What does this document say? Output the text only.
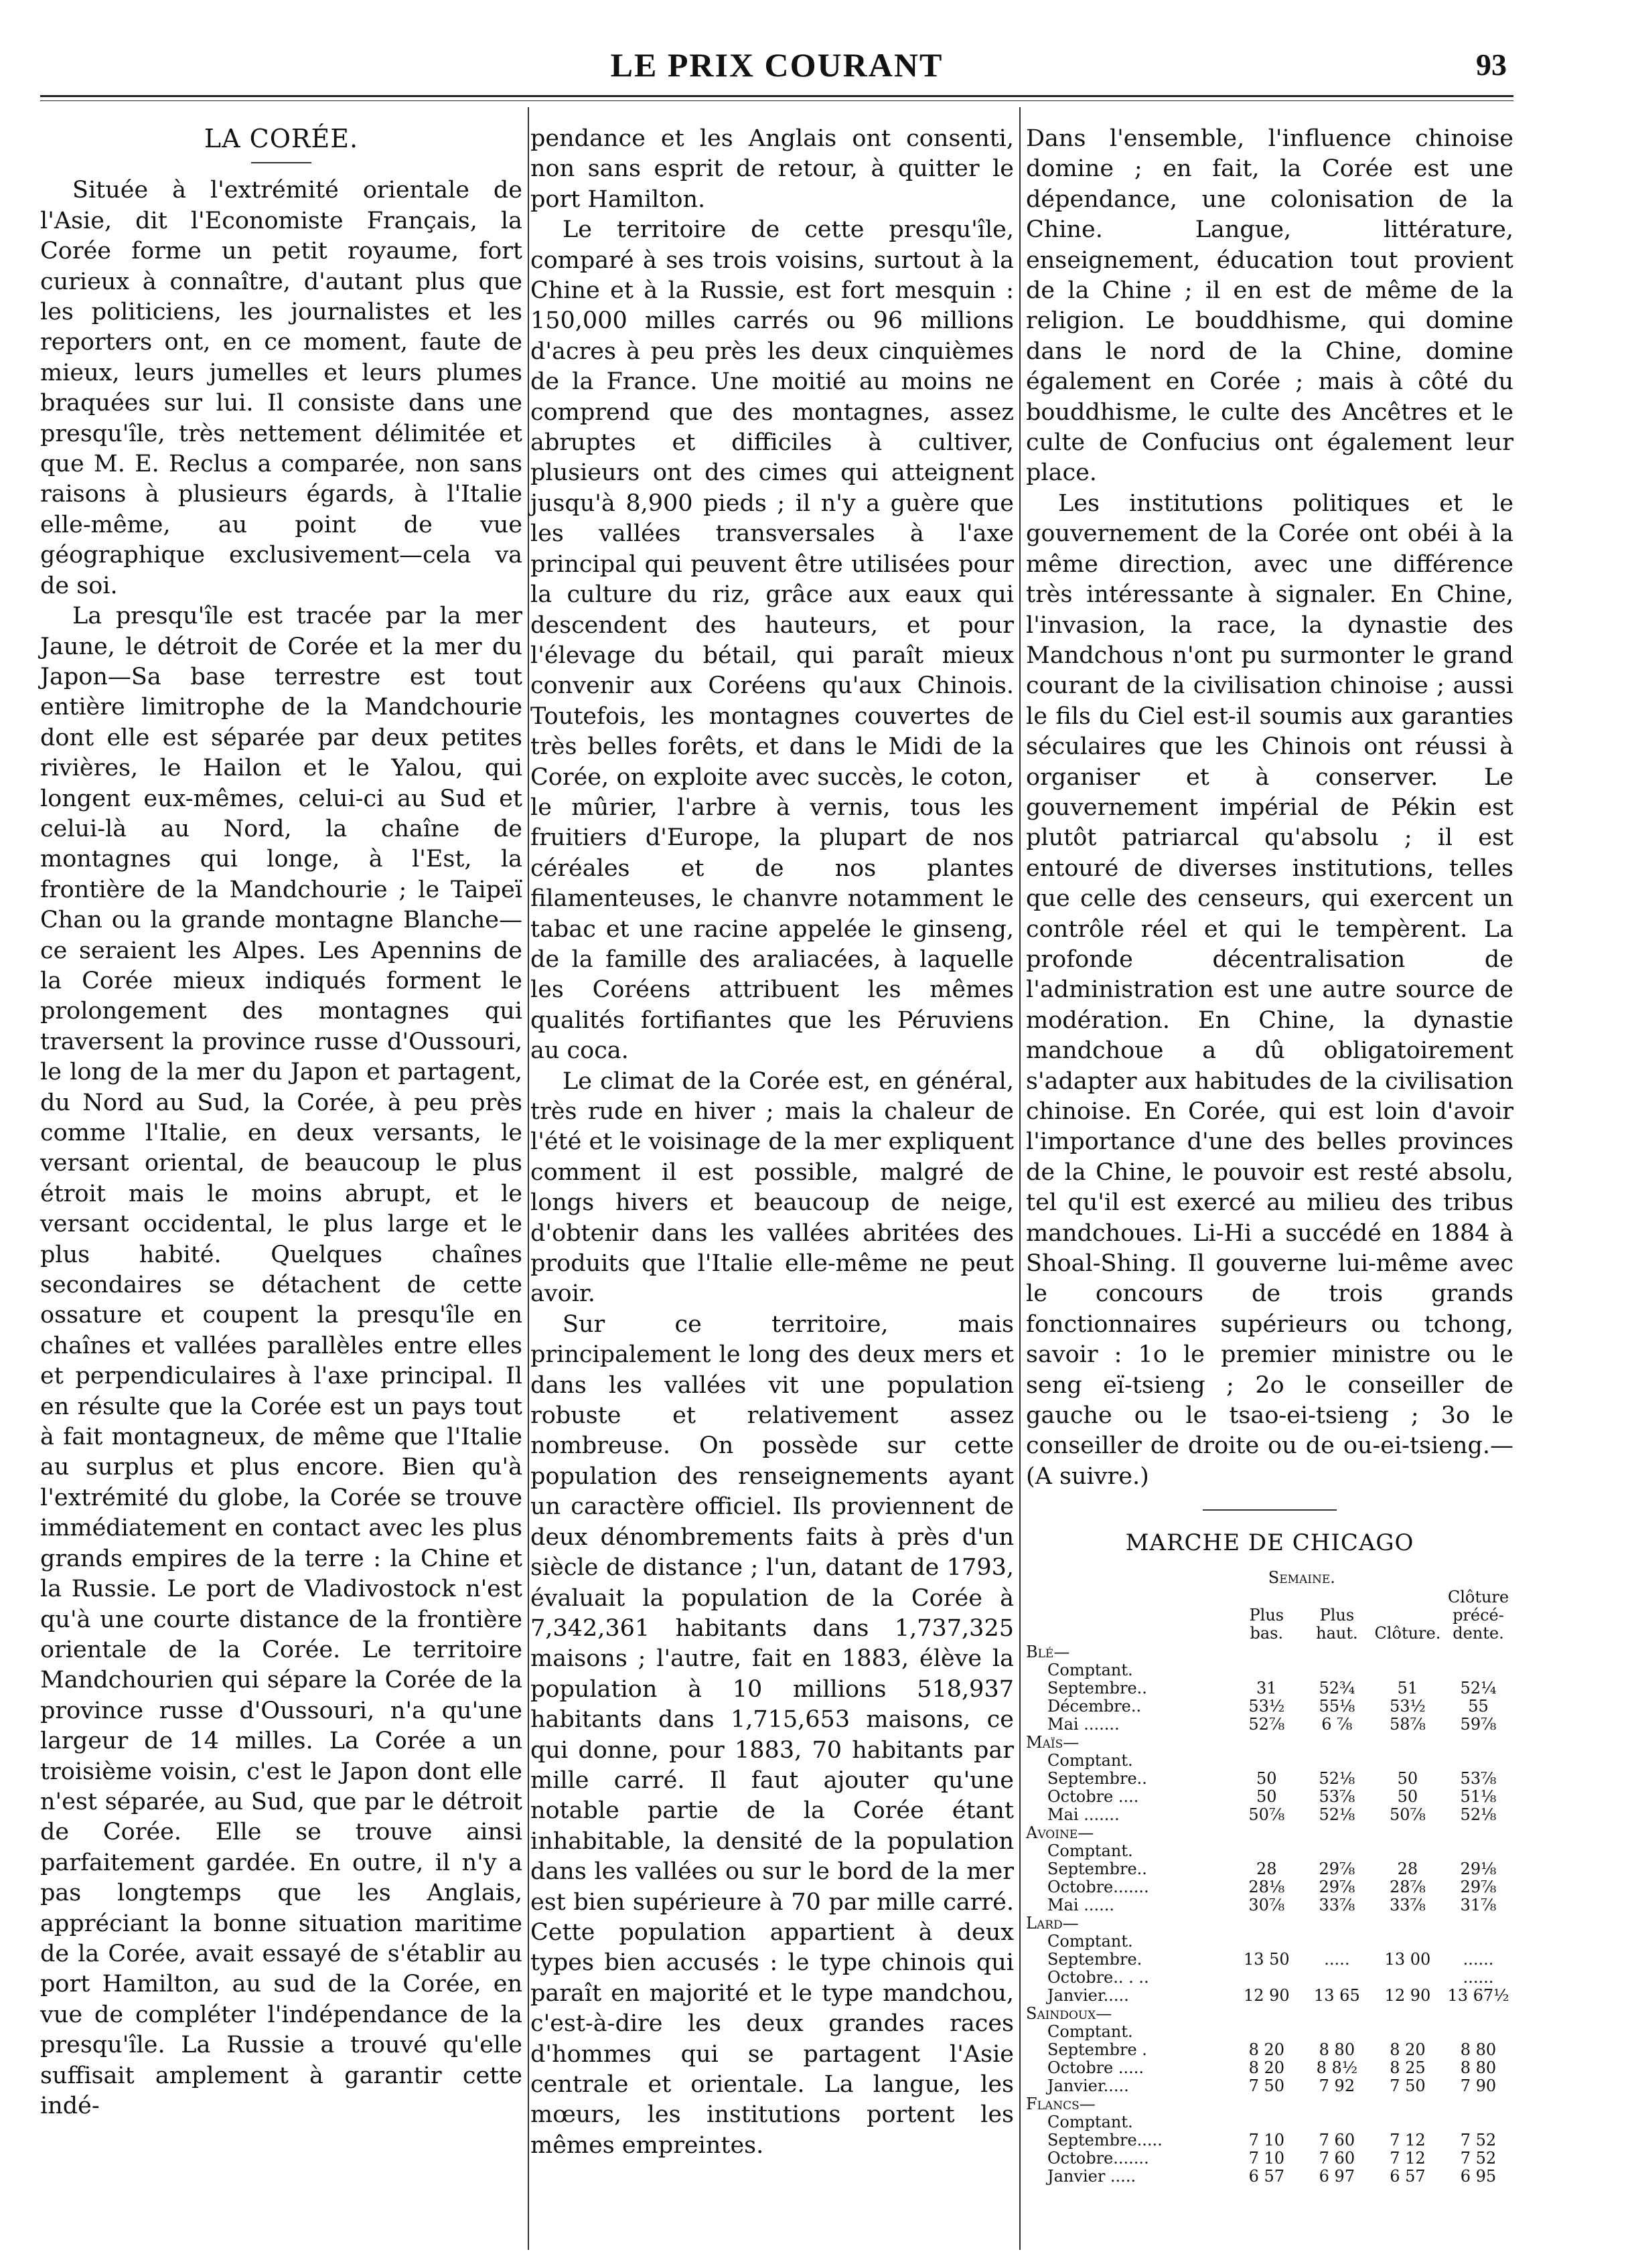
LE PRIX COURANT	93
LA CORÉE.

Située à l'extrémité orientale de l'Asie, dit l'Economiste Français, la Corée forme un petit royaume, fort curieux à connaître, d'autant plus que les politiciens, les journalistes et les reporters ont, en ce moment, faute de mieux, leurs jumelles et leurs plumes braquées sur lui. Il consiste dans une presqu'île, très nettement délimitée et que M. E. Reclus a comparée, non sans raisons à plusieurs égards, à l'Italie elle-même, au point de vue géographique exclusivement—cela va de soi.

La presqu'île est tracée par la mer Jaune, le détroit de Corée et la mer du Japon—Sa base terrestre est tout entière limitrophe de la Mandchourie dont elle est séparée par deux petites rivières, le Hailon et le Yalou, qui longent eux-mêmes, celui-ci au Sud et celui-là au Nord, la chaîne de montagnes qui longe, à l'Est, la frontière de la Mandchourie ; le Taipeï Chan ou la grande montagne Blanche—ce seraient les Alpes. Les Apennins de la Corée mieux indiqués forment le prolongement des montagnes qui traversent la province russe d'Oussouri, le long de la mer du Japon et partagent, du Nord au Sud, la Corée, à peu près comme l'Italie, en deux versants, le versant oriental, de beaucoup le plus étroit mais le moins abrupt, et le versant occidental, le plus large et le plus habité. Quelques chaînes secondaires se détachent de cette ossature et coupent la presqu'île en chaînes et vallées parallèles entre elles et perpendiculaires à l'axe principal. Il en résulte que la Corée est un pays tout à fait montagneux, de même que l'Italie au surplus et plus encore. Bien qu'à l'extrémité du globe, la Corée se trouve immédiatement en contact avec les plus grands empires de la terre : la Chine et la Russie. Le port de Vladivostock n'est qu'à une courte distance de la frontière orientale de la Corée. Le territoire Mandchourien qui sépare la Corée de la province russe d'Oussouri, n'a qu'une largeur de 14 milles. La Corée a un troisième voisin, c'est le Japon dont elle n'est séparée, au Sud, que par le détroit de Corée. Elle se trouve ainsi parfaitement gardée. En outre, il n'y a pas longtemps que les Anglais, appréciant la bonne situation maritime de la Corée, avait essayé de s'établir au port Hamilton, au sud de la Corée, en vue de compléter l'indépendance de la presqu'île. La Russie a trouvé qu'elle suffisait amplement à garantir cette indé-

pendance et les Anglais ont consenti, non sans esprit de retour, à quitter le port Hamilton.

Le territoire de cette presqu'île, comparé à ses trois voisins, surtout à la Chine et à la Russie, est fort mesquin : 150,000 milles carrés ou 96 millions d'acres à peu près les deux cinquièmes de la France. Une moitié au moins ne comprend que des montagnes, assez abruptes et difficiles à cultiver, plusieurs ont des cimes qui atteignent jusqu'à 8,900 pieds ; il n'y a guère que les vallées transversales à l'axe principal qui peuvent être utilisées pour la culture du riz, grâce aux eaux qui descendent des hauteurs, et pour l'élevage du bétail, qui paraît mieux convenir aux Coréens qu'aux Chinois. Toutefois, les montagnes couvertes de très belles forêts, et dans le Midi de la Corée, on exploite avec succès, le coton, le mûrier, l'arbre à vernis, tous les fruitiers d'Europe, la plupart de nos céréales et de nos plantes filamenteuses, le chanvre notamment le tabac et une racine appelée le ginseng, de la famille des araliacées, à laquelle les Coréens attribuent les mêmes qualités fortifiantes que les Péruviens au coca.

Le climat de la Corée est, en général, très rude en hiver ; mais la chaleur de l'été et le voisinage de la mer expliquent comment il est possible, malgré de longs hivers et beaucoup de neige, d'obtenir dans les vallées abritées des produits que l'Italie elle-même ne peut avoir.

Sur ce territoire, mais principalement le long des deux mers et dans les vallées vit une population robuste et relativement assez nombreuse. On possède sur cette population des renseignements ayant un caractère officiel. Ils proviennent de deux dénombrements faits à près d'un siècle de distance ; l'un, datant de 1793, évaluait la population de la Corée à 7,342,361 habitants dans 1,737,325 maisons ; l'autre, fait en 1883, élève la population à 10 millions 518,937 habitants dans 1,715,653 maisons, ce qui donne, pour 1883, 70 habitants par mille carré. Il faut ajouter qu'une notable partie de la Corée étant inhabitable, la densité de la population dans les vallées ou sur le bord de la mer est bien supérieure à 70 par mille carré. Cette population appartient à deux types bien accusés : le type chinois qui paraît en majorité et le type mandchou, c'est-à-dire les deux grandes races d'hommes qui se partagent l'Asie centrale et orientale. La langue, les mœurs, les institutions portent les mêmes empreintes.

Dans l'ensemble, l'influence chinoise domine ; en fait, la Corée est une dépendance, une colonisation de la Chine. Langue, littérature, enseignement, éducation tout provient de la Chine ; il en est de même de la religion. Le bouddhisme, qui domine dans le nord de la Chine, domine également en Corée ; mais à côté du bouddhisme, le culte des Ancêtres et le culte de Confucius ont également leur place.

Les institutions politiques et le gouvernement de la Corée ont obéi à la même direction, avec une différence très intéressante à signaler. En Chine, l'invasion, la race, la dynastie des Mandchous n'ont pu surmonter le grand courant de la civilisation chinoise ; aussi le fils du Ciel est-il soumis aux garanties séculaires que les Chinois ont réussi à organiser et à conserver. Le gouvernement impérial de Pékin est plutôt patriarcal qu'absolu ; il est entouré de diverses institutions, telles que celle des censeurs, qui exercent un contrôle réel et qui le tempèrent. La profonde décentralisation de l'administration est une autre source de modération. En Chine, la dynastie mandchoue a dû obligatoirement s'adapter aux habitudes de la civilisation chinoise. En Corée, qui est loin d'avoir l'importance d'une des belles provinces de la Chine, le pouvoir est resté absolu, tel qu'il est exercé au milieu des tribus mandchoues. Li-Hi a succédé en 1884 à Shoal-Shing. Il gouverne lui-même avec le concours de trois grands fonctionnaires supérieurs ou tchong, savoir : 1o le premier ministre ou le seng eï-tsieng ; 2o le conseiller de gauche ou le tsao-ei-tsieng ; 3o le conseiller de droite ou de ou-ei-tsieng.—(A suivre.)

MARCHE DE CHICAGO
	Semaine.			
	Plus bas.	Plus haut.	Clôture.	Clôture précé- dente.
Blé—				
Comptant.				
Septembre..	31	52¾	51	52¼
Décembre..	53½	55⅛	53½	55
Mai .......	52⅞	6 ⅞	58⅞	59⅞
Maïs—				
Comptant.				
Septembre..	50	52⅛	50	53⅞
Octobre ....	50	53⅞	50	51⅛
Mai .......	50⅞	52⅛	50⅞	52⅛
Avoine—				
Comptant.				
Septembre..	28	29⅞	28	29⅛
Octobre.......	28⅛	29⅞	28⅞	29⅞
Mai ......	30⅞	33⅞	33⅞	31⅞
Lard—				
Comptant.				
Septembre.	13 50	.....	13 00	......
Octobre.. . ..				......
Janvier.....	12 90	13 65	12 90	13 67½
Saindoux—				
Comptant.				
Septembre .	8 20	8 80	8 20	8 80
Octobre .....	8 20	8 8½	8 25	8 80
Janvier.....	7 50	7 92	7 50	7 90
Flancs—				
Comptant.				
Septembre.....	7 10	7 60	7 12	7 52
Octobre.......	7 10	7 60	7 12	7 52
Janvier .....	6 57	6 97	6 57	6 95
